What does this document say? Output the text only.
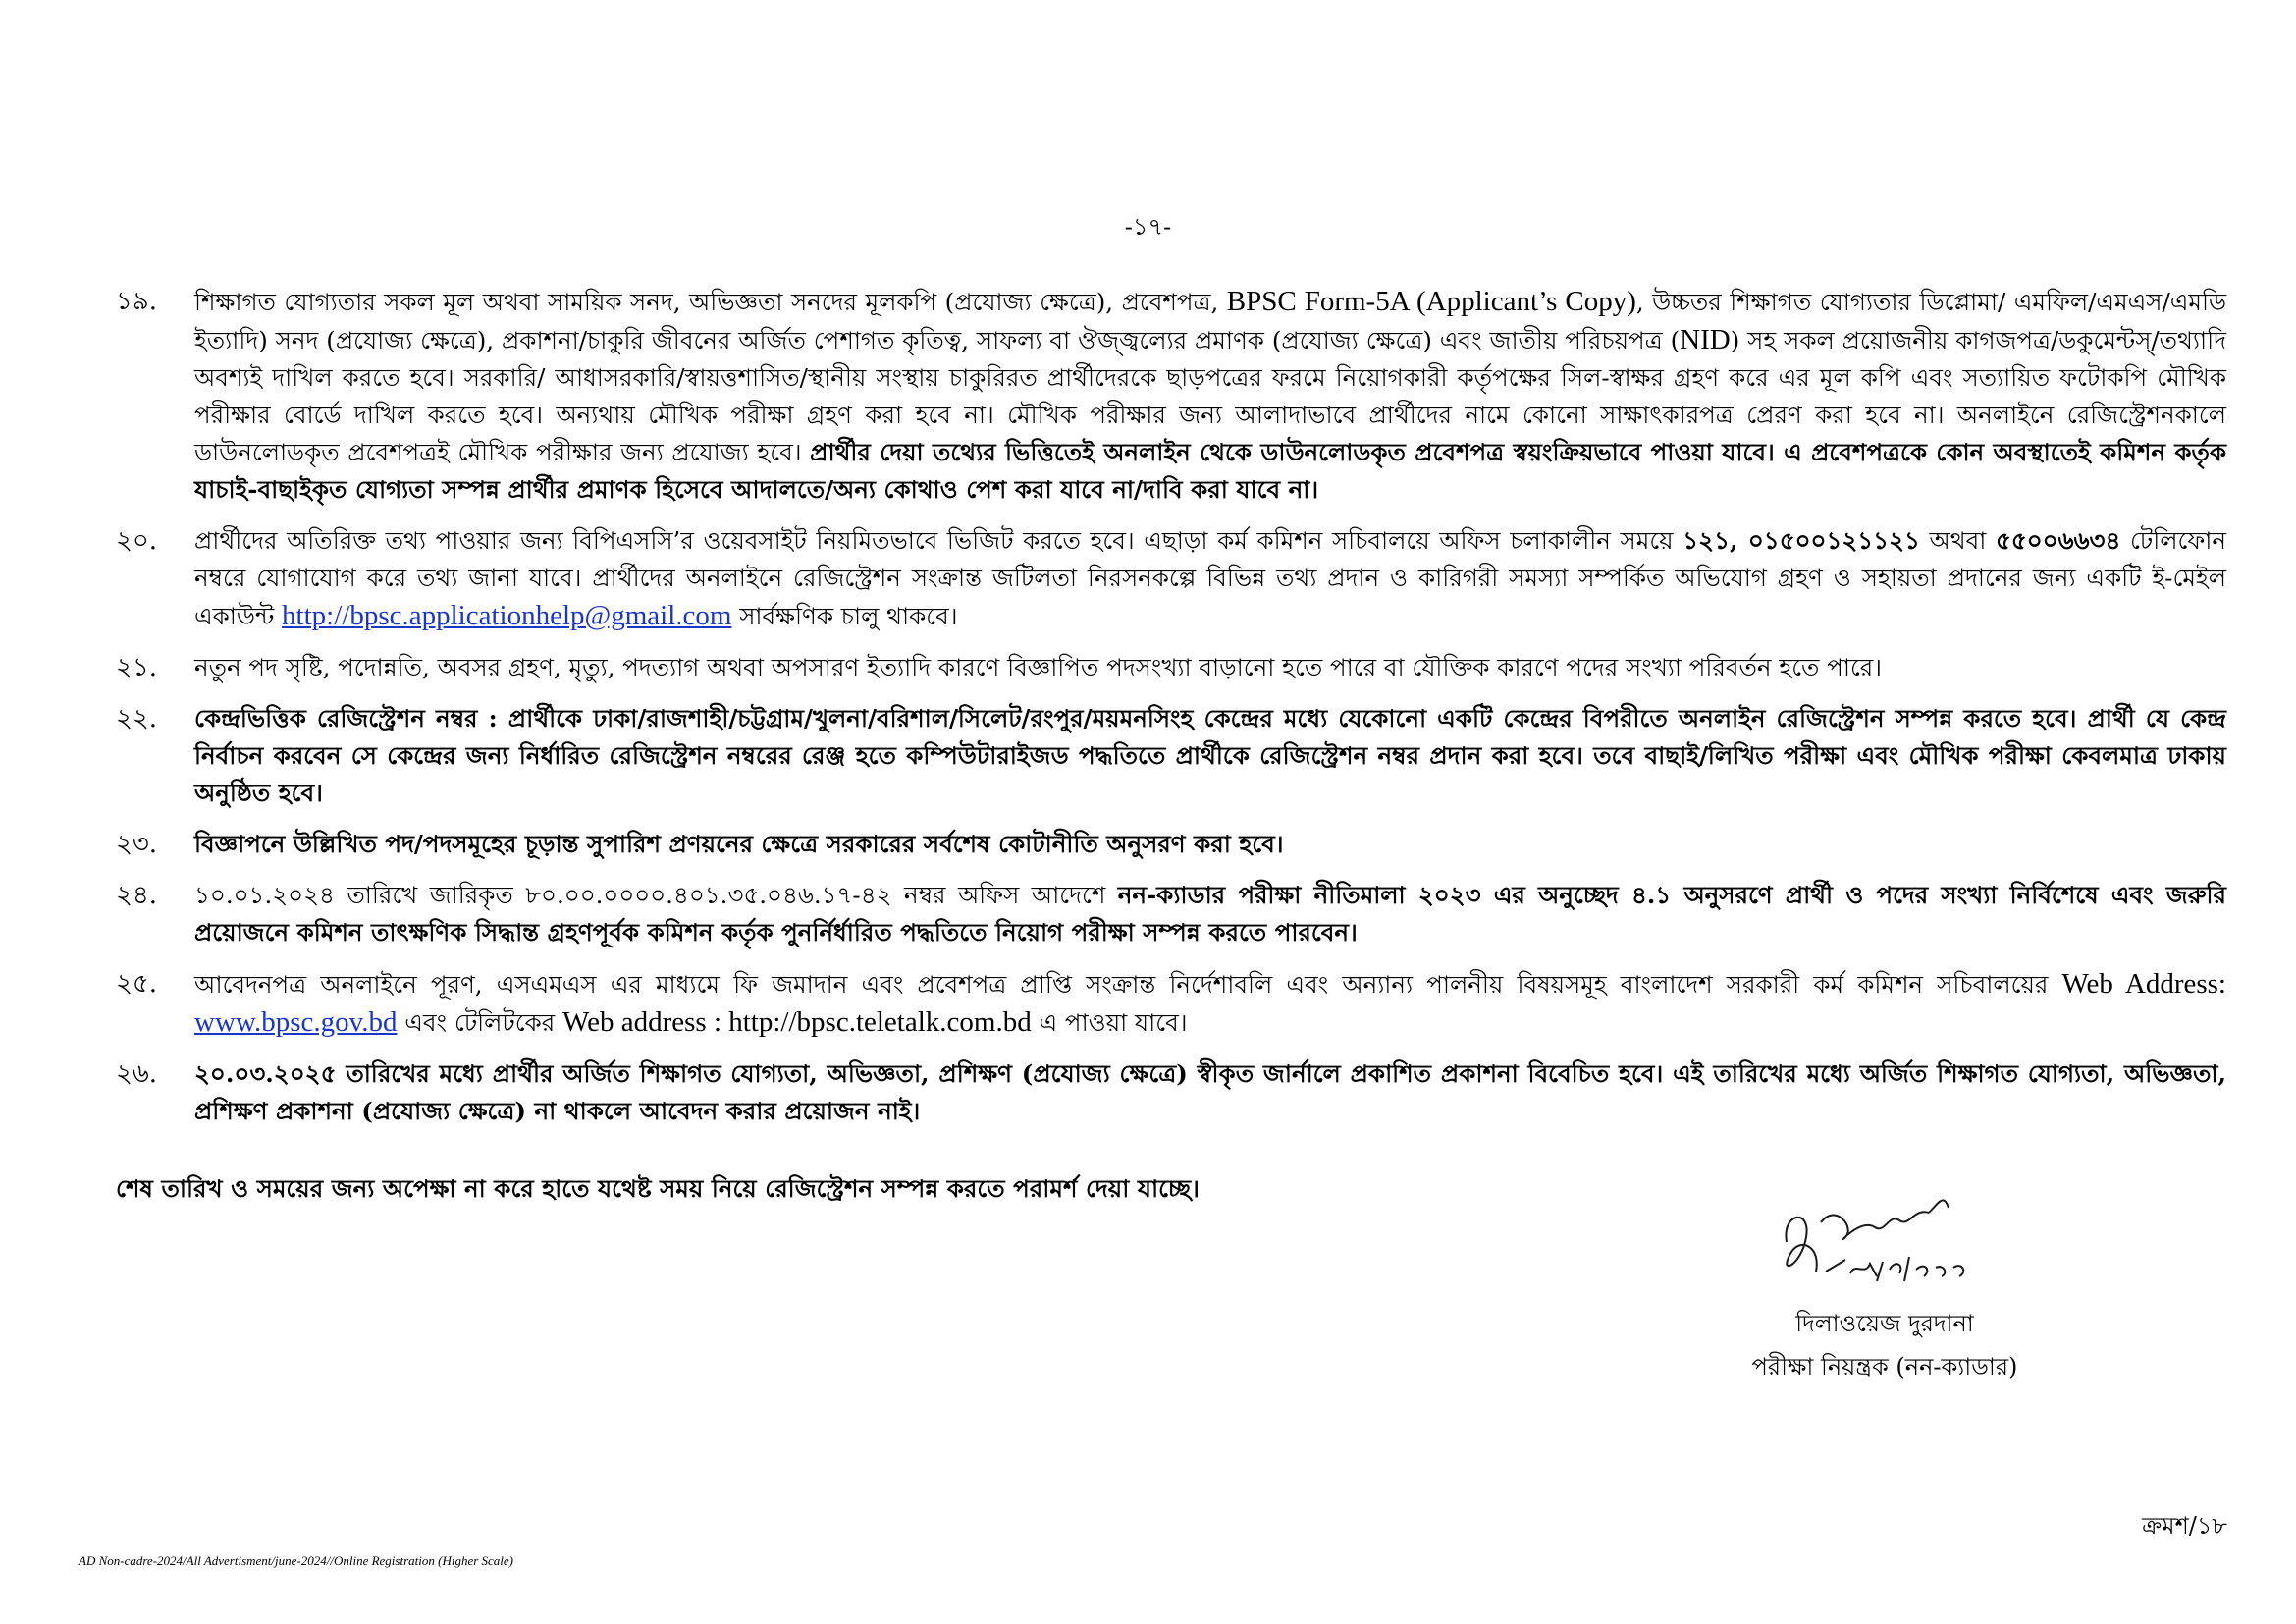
-১৭-
১৯.	শিক্ষাগত যোগ্যতার সকল মূল অথবা সাময়িক সনদ, অভিজ্ঞতা সনদের মূলকপি (প্রযোজ্য ক্ষেত্রে), প্রবেশপত্র, BPSC Form-5A (Applicant’s Copy), উচ্চতর শিক্ষাগত যোগ্যতার ডিপ্লোমা/ এমফিল/এমএস/এমডি ইত্যাদি) সনদ (প্রযোজ্য ক্ষেত্রে), প্রকাশনা/চাকুরি জীবনের অর্জিত পেশাগত কৃতিত্ব, সাফল্য বা ঔজ্জ্বল্যের প্রমাণক (প্রযোজ্য ক্ষেত্রে) এবং জাতীয় পরিচয়পত্র (NID) সহ সকল প্রয়োজনীয় কাগজপত্র/ডকুমেন্টস্/তথ্যাদি অবশ্যই দাখিল করতে হবে। সরকারি/ আধাসরকারি/স্বায়ত্তশাসিত/স্থানীয় সংস্থায় চাকুরিরত প্রার্থীদেরকে ছাড়পত্রের ফরমে নিয়োগকারী কর্তৃপক্ষের সিল-স্বাক্ষর গ্রহণ করে এর মূল কপি এবং সত্যায়িত ফটোকপি মৌখিক পরীক্ষার বোর্ডে দাখিল করতে হবে। অন্যথায় মৌখিক পরীক্ষা গ্রহণ করা হবে না। মৌখিক পরীক্ষার জন্য আলাদাভাবে প্রার্থীদের নামে কোনো সাক্ষাৎকারপত্র প্রেরণ করা হবে না। অনলাইনে রেজিস্ট্রেশনকালে ডাউনলোডকৃত প্রবেশপত্রই মৌখিক পরীক্ষার জন্য প্রযোজ্য হবে। প্রার্থীর দেয়া তথ্যের ভিত্তিতেই অনলাইন থেকে ডাউনলোডকৃত প্রবেশপত্র স্বয়ংক্রিয়ভাবে পাওয়া যাবে। এ প্রবেশপত্রকে কোন অবস্থাতেই কমিশন কর্তৃক যাচাই-বাছাইকৃত যোগ্যতা সম্পন্ন প্রার্থীর প্রমাণক হিসেবে আদালতে/অন্য কোথাও পেশ করা যাবে না/দাবি করা যাবে না।
২০.	প্রার্থীদের অতিরিক্ত তথ্য পাওয়ার জন্য বিপিএসসি’র ওয়েবসাইট নিয়মিতভাবে ভিজিট করতে হবে। এছাড়া কর্ম কমিশন সচিবালয়ে অফিস চলাকালীন সময়ে ১২১, ০১৫০০১২১১২১ অথবা ৫৫০০৬৬৩৪ টেলিফোন নম্বরে যোগাযোগ করে তথ্য জানা যাবে। প্রার্থীদের অনলাইনে রেজিস্ট্রেশন সংক্রান্ত জটিলতা নিরসনকল্পে বিভিন্ন তথ্য প্রদান ও কারিগরী সমস্যা সম্পর্কিত অভিযোগ গ্রহণ ও সহায়তা প্রদানের জন্য একটি ই-মেইল একাউন্ট http://bpsc.applicationhelp@gmail.com সার্বক্ষণিক চালু থাকবে।
২১.	নতুন পদ সৃষ্টি, পদোন্নতি, অবসর গ্রহণ, মৃত্যু, পদত্যাগ অথবা অপসারণ ইত্যাদি কারণে বিজ্ঞাপিত পদসংখ্যা বাড়ানো হতে পারে বা যৌক্তিক কারণে পদের সংখ্যা পরিবর্তন হতে পারে।
২২.	কেন্দ্রভিত্তিক রেজিস্ট্রেশন নম্বর : প্রার্থীকে ঢাকা/রাজশাহী/চট্টগ্রাম/খুলনা/বরিশাল/সিলেট/রংপুর/ময়মনসিংহ কেন্দ্রের মধ্যে যেকোনো একটি কেন্দ্রের বিপরীতে অনলাইন রেজিস্ট্রেশন সম্পন্ন করতে হবে। প্রার্থী যে কেন্দ্র নির্বাচন করবেন সে কেন্দ্রের জন্য নির্ধারিত রেজিস্ট্রেশন নম্বরের রেঞ্জ হতে কম্পিউটারাইজড পদ্ধতিতে প্রার্থীকে রেজিস্ট্রেশন নম্বর প্রদান করা হবে। তবে বাছাই/লিখিত পরীক্ষা এবং মৌখিক পরীক্ষা কেবলমাত্র ঢাকায় অনুষ্ঠিত হবে।
২৩.	বিজ্ঞাপনে উল্লিখিত পদ/পদসমূহের চূড়ান্ত সুপারিশ প্রণয়নের ক্ষেত্রে সরকারের সর্বশেষ কোটানীতি অনুসরণ করা হবে।
২৪.	১০.০১.২০২৪ তারিখে জারিকৃত ৮০.০০.০০০০.৪০১.৩৫.০৪৬.১৭-৪২ নম্বর অফিস আদেশে নন-ক্যাডার পরীক্ষা নীতিমালা ২০২৩ এর অনুচ্ছেদ ৪.১ অনুসরণে প্রার্থী ও পদের সংখ্যা নির্বিশেষে এবং জরুরি প্রয়োজনে কমিশন তাৎক্ষণিক সিদ্ধান্ত গ্রহণপূর্বক কমিশন কর্তৃক পুনর্নির্ধারিত পদ্ধতিতে নিয়োগ পরীক্ষা সম্পন্ন করতে পারবেন।
২৫.	আবেদনপত্র অনলাইনে পূরণ, এসএমএস এর মাধ্যমে ফি জমাদান এবং প্রবেশপত্র প্রাপ্তি সংক্রান্ত নির্দেশাবলি এবং অন্যান্য পালনীয় বিষয়সমূহ বাংলাদেশ সরকারী কর্ম কমিশন সচিবালয়ের Web Address: www.bpsc.gov.bd এবং টেলিটকের Web address : http://bpsc.teletalk.com.bd এ পাওয়া যাবে।
২৬.	২০.০৩.২০২৫ তারিখের মধ্যে প্রার্থীর অর্জিত শিক্ষাগত যোগ্যতা, অভিজ্ঞতা, প্রশিক্ষণ (প্রযোজ্য ক্ষেত্রে) স্বীকৃত জার্নালে প্রকাশিত প্রকাশনা বিবেচিত হবে। এই তারিখের মধ্যে অর্জিত শিক্ষাগত যোগ্যতা, অভিজ্ঞতা, প্রশিক্ষণ প্রকাশনা (প্রযোজ্য ক্ষেত্রে) না থাকলে আবেদন করার প্রয়োজন নাই।
শেষ তারিখ ও সময়ের জন্য অপেক্ষা না করে হাতে যথেষ্ট সময় নিয়ে রেজিস্ট্রেশন সম্পন্ন করতে পরামর্শ দেয়া যাচ্ছে।
দিলাওয়েজ দুরদানা
পরীক্ষা নিয়ন্ত্রক (নন-ক্যাডার)
ক্রমশ/১৮
AD Non-cadre-2024/All Advertisment/june-2024//Online Registration (Higher Scale)
